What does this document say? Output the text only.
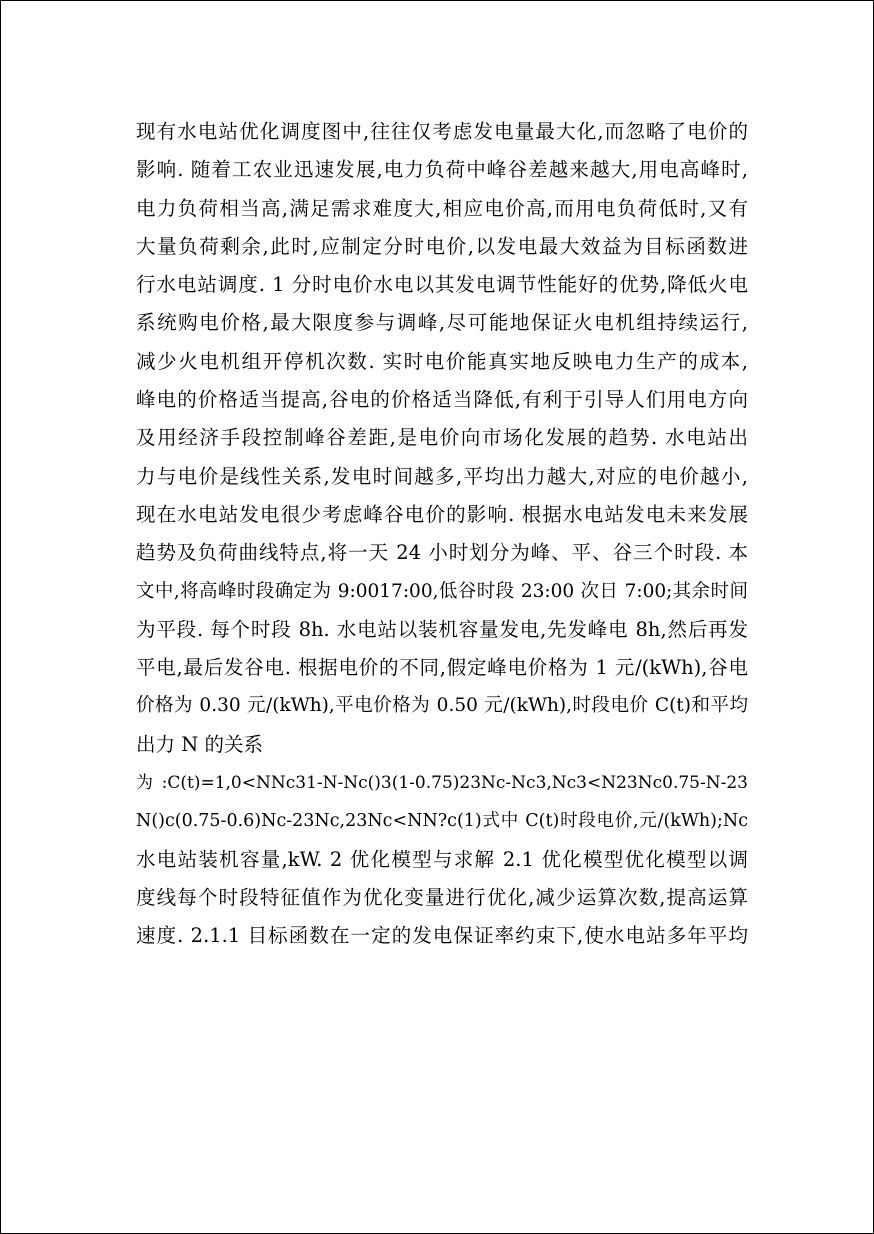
现有水电站优化调度图中,往往仅考虑发电量最大化,而忽略了电价的
影响. 随着工农业迅速发展,电力负荷中峰谷差越来越大,用电高峰时,
电力负荷相当高,满足需求难度大,相应电价高,而用电负荷低时,又有
大量负荷剩余,此时,应制定分时电价,以发电最大效益为目标函数进
行水电站调度. 1 分时电价水电以其发电调节性能好的优势,降低火电
系统购电价格,最大限度参与调峰,尽可能地保证火电机组持续运行,
减少火电机组开停机次数. 实时电价能真实地反映电力生产的成本,
峰电的价格适当提高,谷电的价格适当降低,有利于引导人们用电方向
及用经济手段控制峰谷差距,是电价向市场化发展的趋势. 水电站出
力与电价是线性关系,发电时间越多,平均出力越大,对应的电价越小,
现在水电站发电很少考虑峰谷电价的影响. 根据水电站发电未来发展
趋势及负荷曲线特点,将一天 24 小时划分为峰、平、谷三个时段. 本
文中,将高峰时段确定为 9:0017:00,低谷时段 23:00 次日 7:00;其余时间
为平段. 每个时段 8h. 水电站以装机容量发电,先发峰电 8h,然后再发
平电,最后发谷电. 根据电价的不同,假定峰电价格为 1 元/(kWh),谷电
价格为 0.30 元/(kWh),平电价格为 0.50 元/(kWh),时段电价 C(t)和平均
出力 N 的关系
为:C(t)=1,0<NNc31-N-Nc()3(1-0.75)23Nc-Nc3,Nc3<N23Nc0.75-N-23
N()c(0.75-0.6)Nc-23Nc,23Nc<NN?c(1)式中 C(t)时段电价,元/(kWh);Nc
水电站装机容量,kW. 2 优化模型与求解 2.1 优化模型优化模型以调
度线每个时段特征值作为优化变量进行优化,减少运算次数,提高运算
速度. 2.1.1 目标函数在一定的发电保证率约束下,使水电站多年平均
